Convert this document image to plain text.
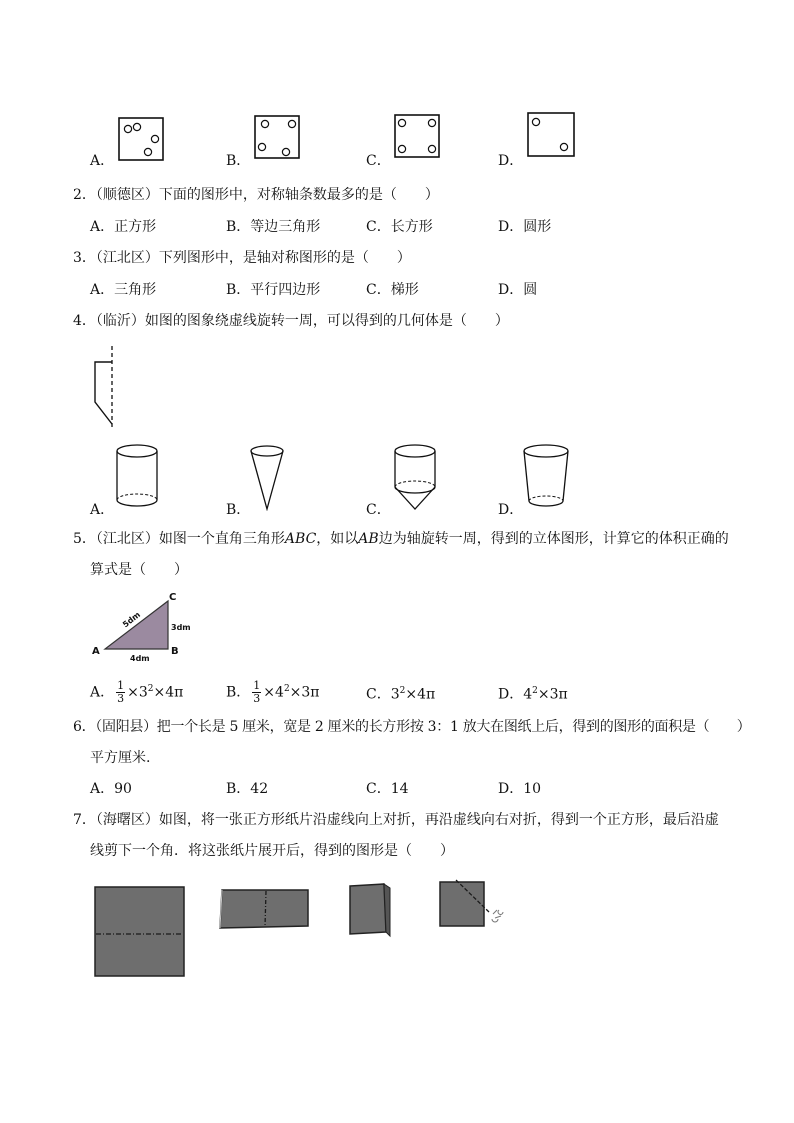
A．	B．	C．	D．
2．（顺德区）下面的图形中，对称轴条数最多的是（　　）
A．正方形	B．等边三角形	C．长方形	D．圆形
3．（江北区）下列图形中，是轴对称图形的是（　　）
A．三角形	B．平行四边形	C．梯形	D．圆
4．（临沂）如图的图象绕虚线旋转一周，可以得到的几何体是（　　）
A．	B．	C．	D．
5．（江北区）如图一个直角三角形ABC，如以AB边为轴旋转一周，得到的立体图形，计算它的体积正确的
算式是（　　）
A	B
C
5dm	3dm
4dm
A． $\frac{1}{3} \times 3^2\times 4\pi$	B． $\frac{1}{3} \times 4^2\times 3\pi$	C．$3^2\times 4\pi$	D．$4^2\times 3\pi$
6．（固阳县）把一个长是 5 厘米，宽是 2 厘米的长方形按 3：1 放大在图纸上后，得到的图形的面积是（　　）
平方厘米.
A．90	B．42	C．14	D．10
7．（海曙区）如图，将一张正方形纸片沿虚线向上对折，再沿虚线向右对折，得到一个正方形，最后沿虚
线剪下一个角．将这张纸片展开后，得到的图形是（　　）
